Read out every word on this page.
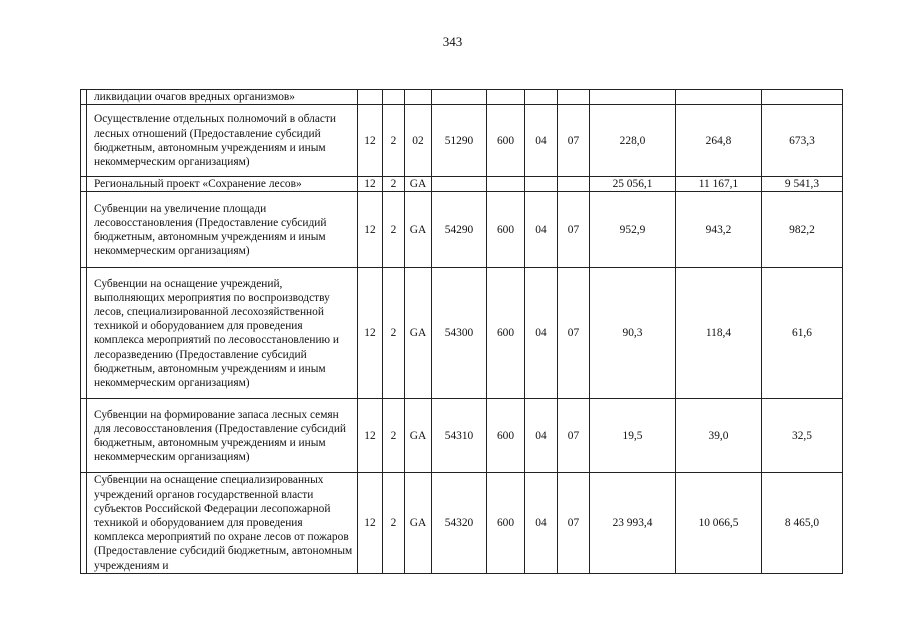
343
	ликвидации очагов вредных организмов»										
	Осуществление отдельных полномочий в области лесных отношений (Предоставление субсидий бюджетным, автономным учреждениям и иным некоммерческим организациям)	12	2	02	51290	600	04	07	228,0	264,8	673,3
	Региональный проект «Сохранение лесов»	12	2	GA					25 056,1	11 167,1	9 541,3
	Субвенции на увеличение площади лесовосстановления (Предоставление субсидий бюджетным, автономным учреждениям и иным некоммерческим организациям)	12	2	GA	54290	600	04	07	952,9	943,2	982,2
	Субвенции на оснащение учреждений, выполняющих мероприятия по воспроизводству лесов, специализированной лесохозяйственной техникой и оборудованием для проведения комплекса мероприятий по лесовосстановлению и лесоразведению (Предоставление субсидий бюджетным, автономным учреждениям и иным некоммерческим организациям)	12	2	GA	54300	600	04	07	90,3	118,4	61,6
	Субвенции на формирование запаса лесных семян для лесовосстановления (Предоставление субсидий бюджетным, автономным учреждениям и иным некоммерческим организациям)	12	2	GA	54310	600	04	07	19,5	39,0	32,5
	Субвенции на оснащение специализированных учреждений органов государственной власти субъектов Российской Федерации лесопожарной техникой и оборудованием для проведения комплекса мероприятий по охране лесов от пожаров (Предоставление субсидий бюджетным, автономным учреждениям и	12	2	GA	54320	600	04	07	23 993,4	10 066,5	8 465,0
